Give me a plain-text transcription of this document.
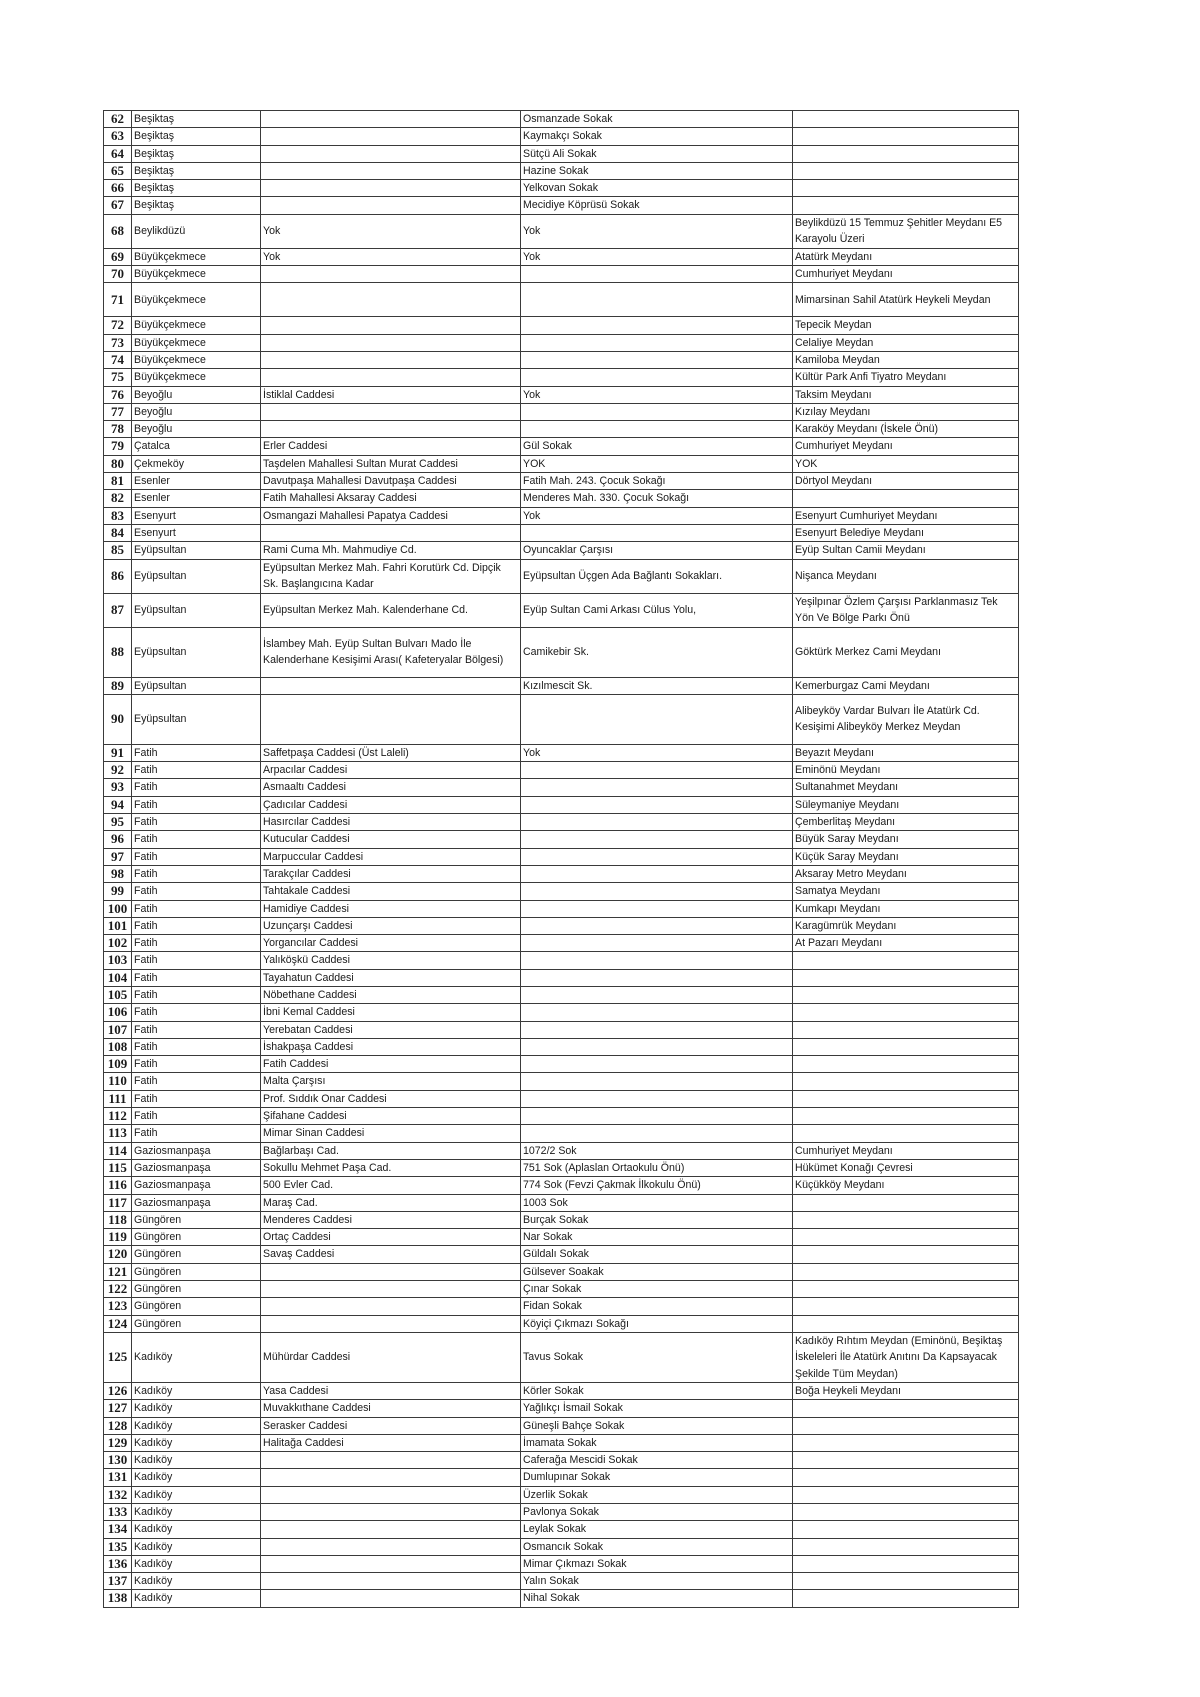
62	Beşiktaş		Osmanzade Sokak	
63	Beşiktaş		Kaymakçı Sokak	
64	Beşiktaş		Sütçü Ali Sokak	
65	Beşiktaş		Hazine Sokak	
66	Beşiktaş		Yelkovan Sokak	
67	Beşiktaş		Mecidiye Köprüsü Sokak	
68	Beylikdüzü	Yok	Yok	Beylikdüzü 15 Temmuz Şehitler Meydanı E5 Karayolu Üzeri
69	Büyükçekmece	Yok	Yok	Atatürk Meydanı
70	Büyükçekmece			Cumhuriyet Meydanı
71	Büyükçekmece			Mimarsinan Sahil Atatürk Heykeli Meydan
72	Büyükçekmece			Tepecik Meydan
73	Büyükçekmece			Celaliye Meydan
74	Büyükçekmece			Kamiloba Meydan
75	Büyükçekmece			Kültür Park Anfi Tiyatro Meydanı
76	Beyoğlu	İstiklal Caddesi	Yok	Taksim Meydanı
77	Beyoğlu			Kızılay Meydanı
78	Beyoğlu			Karaköy Meydanı (İskele Önü)
79	Çatalca	Erler Caddesi	Gül Sokak	Cumhuriyet Meydanı
80	Çekmeköy	Taşdelen Mahallesi Sultan Murat Caddesi	YOK	YOK
81	Esenler	Davutpaşa Mahallesi Davutpaşa Caddesi	Fatih Mah. 243. Çocuk Sokağı	Dörtyol Meydanı
82	Esenler	Fatih Mahallesi Aksaray Caddesi	Menderes Mah. 330. Çocuk Sokağı	
83	Esenyurt	Osmangazi Mahallesi Papatya Caddesi	Yok	Esenyurt Cumhuriyet Meydanı
84	Esenyurt			Esenyurt Belediye Meydanı
85	Eyüpsultan	Rami Cuma Mh. Mahmudiye Cd.	Oyuncaklar Çarşısı	Eyüp Sultan Camii Meydanı
86	Eyüpsultan	Eyüpsultan Merkez Mah. Fahri Korutürk Cd. Dipçik Sk. Başlangıcına Kadar	Eyüpsultan Üçgen Ada Bağlantı Sokakları.	Nişanca Meydanı
87	Eyüpsultan	Eyüpsultan Merkez Mah. Kalenderhane Cd.	Eyüp Sultan Cami Arkası Cülus Yolu,	Yeşilpınar Özlem Çarşısı Parklanmasız Tek Yön Ve Bölge Parkı Önü
88	Eyüpsultan	İslambey Mah. Eyüp Sultan Bulvarı Mado İle Kalenderhane Kesişimi Arası( Kafeteryalar Bölgesi)	Camikebir Sk.	Göktürk Merkez Cami Meydanı
89	Eyüpsultan		Kızılmescit Sk.	Kemerburgaz Cami Meydanı
90	Eyüpsultan			Alibeyköy Vardar Bulvarı İle Atatürk Cd. Kesişimi Alibeyköy Merkez Meydan
91	Fatih	Saffetpaşa Caddesi (Üst Laleli)	Yok	Beyazıt Meydanı
92	Fatih	Arpacılar Caddesi		Eminönü Meydanı
93	Fatih	Asmaaltı Caddesi		Sultanahmet Meydanı
94	Fatih	Çadıcılar Caddesi		Süleymaniye Meydanı
95	Fatih	Hasırcılar Caddesi		Çemberlitaş Meydanı
96	Fatih	Kutucular Caddesi		Büyük Saray Meydanı
97	Fatih	Marpuccular Caddesi		Küçük Saray Meydanı
98	Fatih	Tarakçılar Caddesi		Aksaray Metro Meydanı
99	Fatih	Tahtakale Caddesi		Samatya Meydanı
100	Fatih	Hamidiye Caddesi		Kumkapı Meydanı
101	Fatih	Uzunçarşı Caddesi		Karagümrük Meydanı
102	Fatih	Yorgancılar Caddesi		At Pazarı Meydanı
103	Fatih	Yalıköşkü Caddesi		
104	Fatih	Tayahatun Caddesi		
105	Fatih	Nöbethane Caddesi		
106	Fatih	İbni Kemal Caddesi		
107	Fatih	Yerebatan Caddesi		
108	Fatih	İshakpaşa Caddesi		
109	Fatih	Fatih Caddesi		
110	Fatih	Malta Çarşısı		
111	Fatih	Prof. Sıddık Onar Caddesi		
112	Fatih	Şifahane Caddesi		
113	Fatih	Mimar Sinan Caddesi		
114	Gaziosmanpaşa	Bağlarbaşı Cad.	1072/2 Sok	Cumhuriyet Meydanı
115	Gaziosmanpaşa	Sokullu Mehmet Paşa Cad.	751 Sok (Aplaslan Ortaokulu Önü)	Hükümet Konağı Çevresi
116	Gaziosmanpaşa	500 Evler Cad.	774 Sok (Fevzi Çakmak İlkokulu Önü)	Küçükköy Meydanı
117	Gaziosmanpaşa	Maraş Cad.	1003 Sok	
118	Güngören	Menderes Caddesi	Burçak Sokak	
119	Güngören	Ortaç Caddesi	Nar Sokak	
120	Güngören	Savaş Caddesi	Güldalı Sokak	
121	Güngören		Gülsever Soakak	
122	Güngören		Çınar Sokak	
123	Güngören		Fidan Sokak	
124	Güngören		Köyiçi Çıkmazı Sokağı	
125	Kadıköy	Mühürdar Caddesi	Tavus Sokak	Kadıköy Rıhtım Meydan (Eminönü, Beşiktaş İskeleleri İle Atatürk Anıtını Da Kapsayacak Şekilde Tüm Meydan)
126	Kadıköy	Yasa Caddesi	Körler Sokak	Boğa Heykeli Meydanı
127	Kadıköy	Muvakkıthane Caddesi	Yağlıkçı İsmail Sokak	
128	Kadıköy	Serasker Caddesi	Güneşli Bahçe Sokak	
129	Kadıköy	Halitağa Caddesi	İmamata Sokak	
130	Kadıköy		Caferağa Mescidi Sokak	
131	Kadıköy		Dumlupınar Sokak	
132	Kadıköy		Üzerlik Sokak	
133	Kadıköy		Pavlonya Sokak	
134	Kadıköy		Leylak Sokak	
135	Kadıköy		Osmancık Sokak	
136	Kadıköy		Mimar Çıkmazı Sokak	
137	Kadıköy		Yalın Sokak	
138	Kadıköy		Nihal Sokak	
